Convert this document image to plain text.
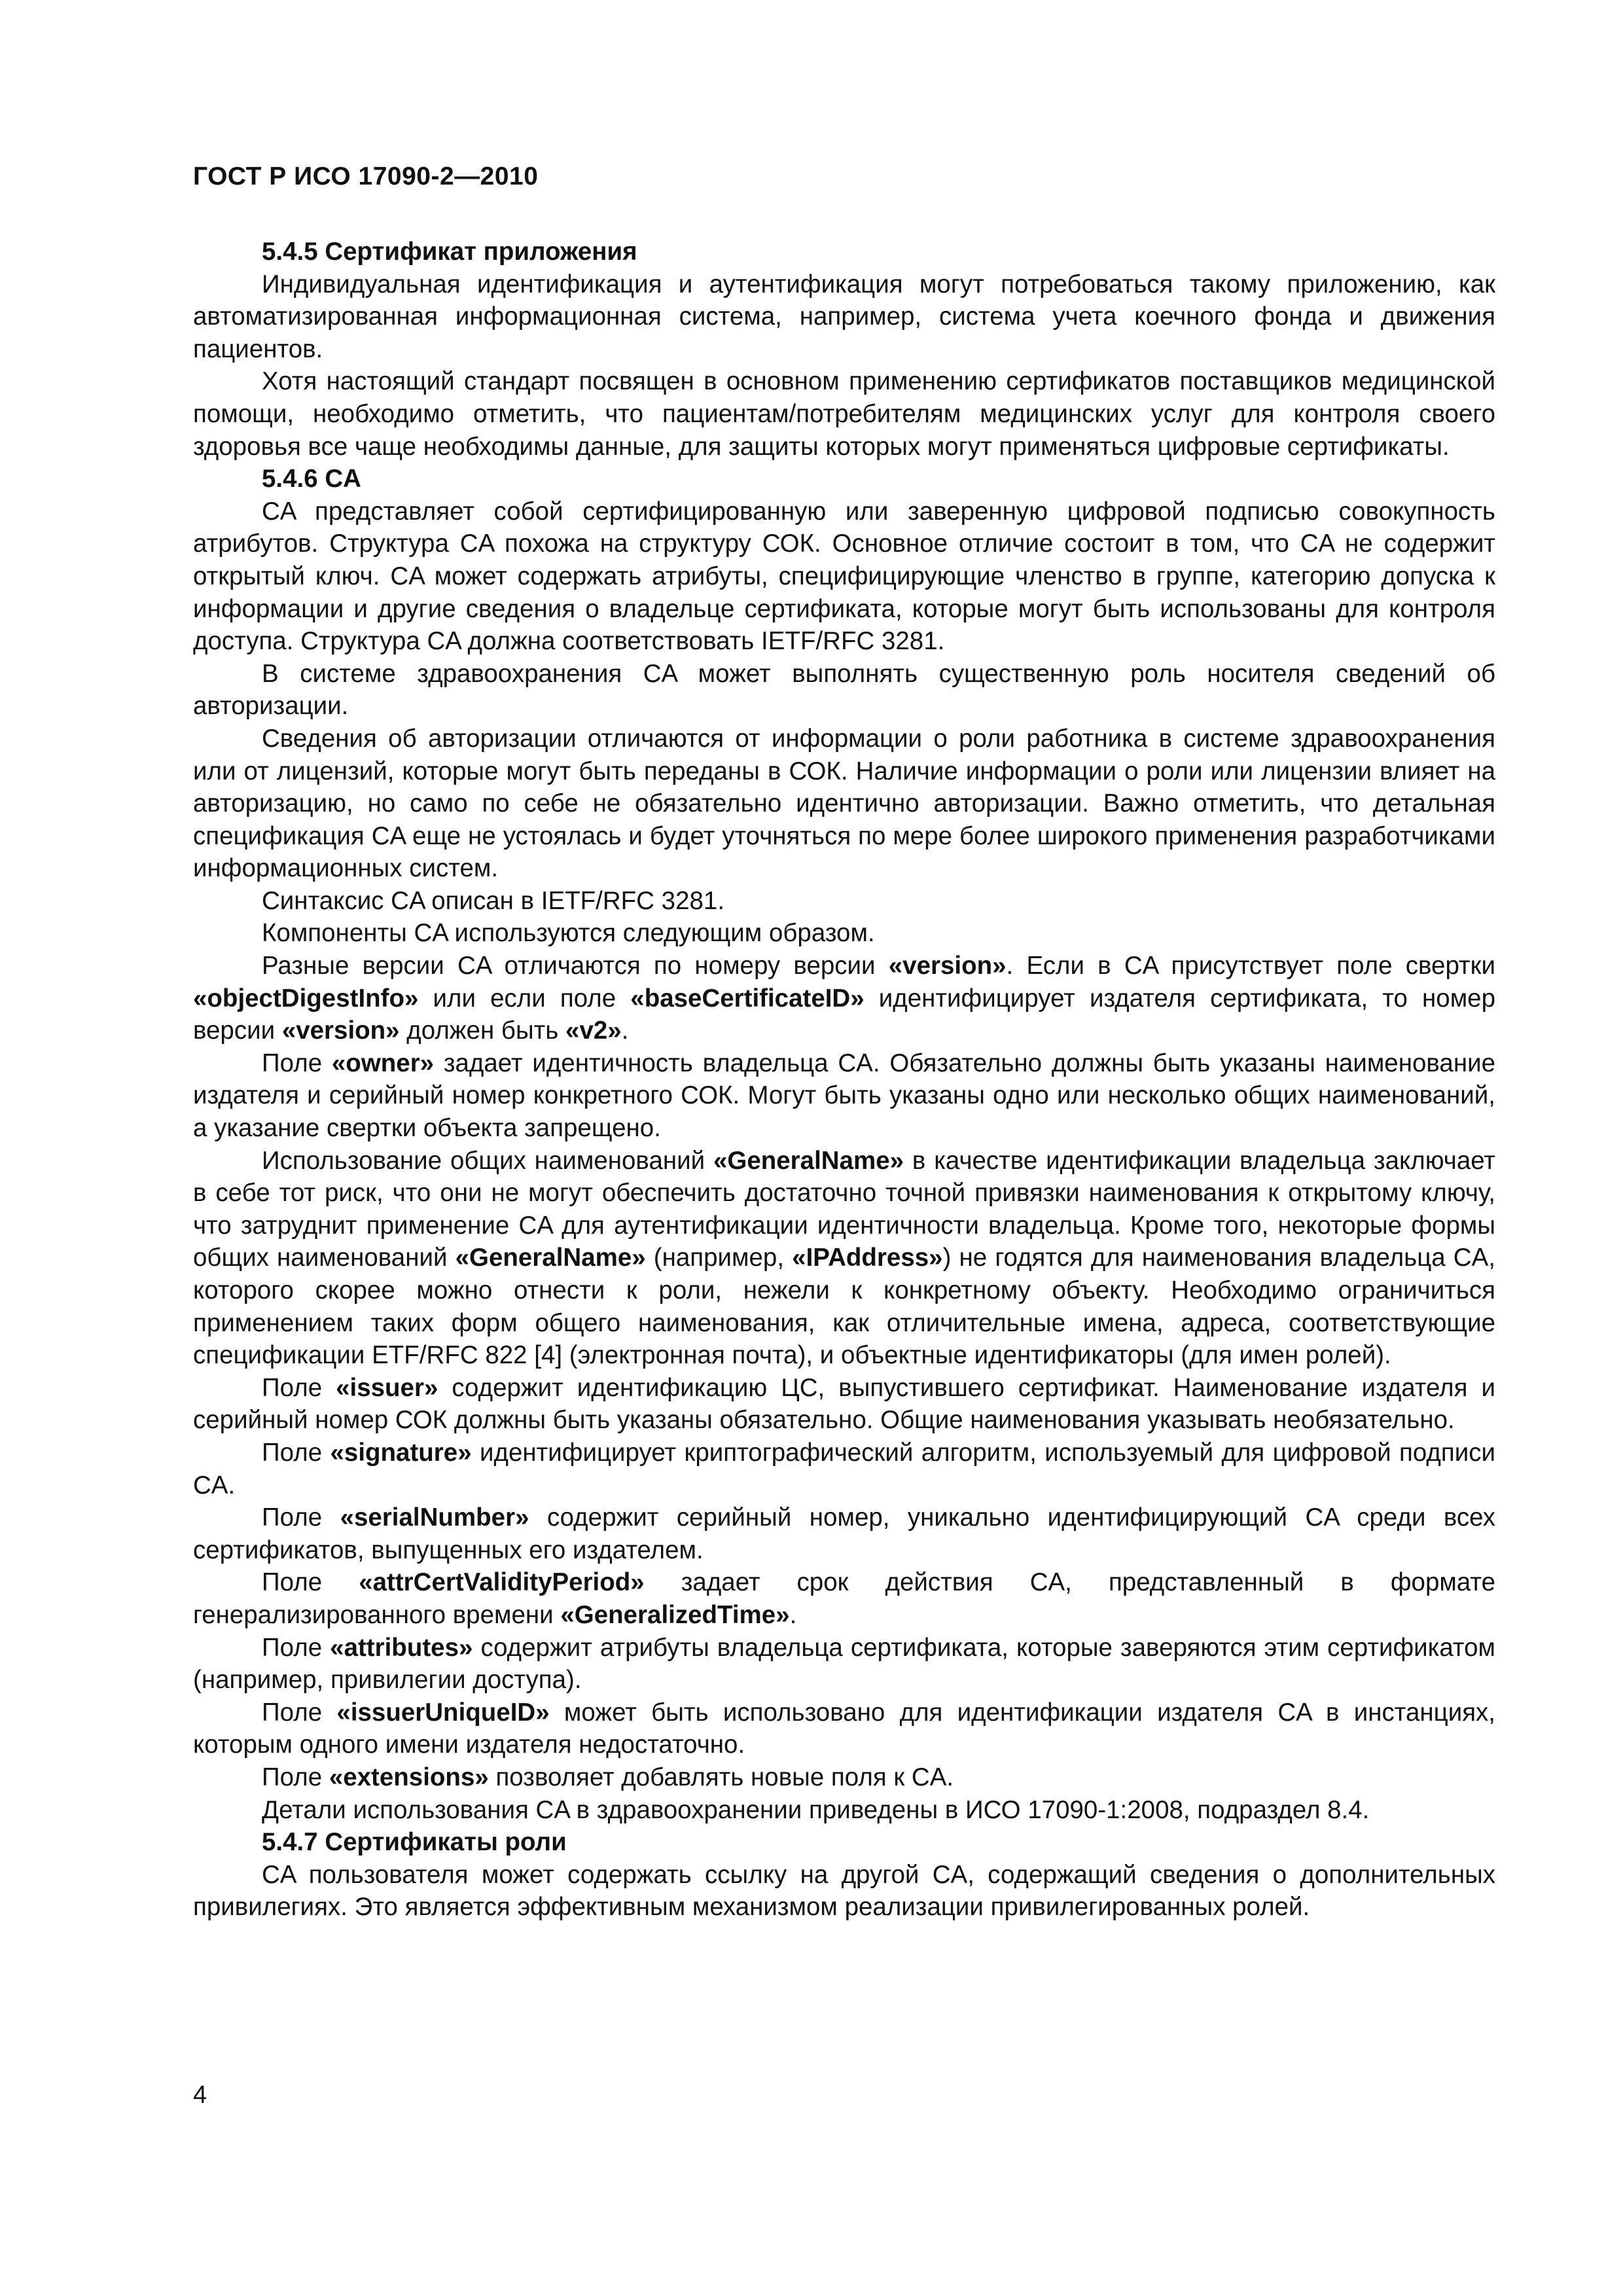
ГОСТ Р ИСО 17090-2—2010
5.4.5 Сертификат приложения

Индивидуальная идентификация и аутентификация могут потребоваться такому приложению, как автоматизированная информационная система, например, система учета коечного фонда и движения пациентов.

Хотя настоящий стандарт посвящен в основном применению сертификатов поставщиков медицинской помощи, необходимо отметить, что пациентам/потребителям медицинских услуг для контроля своего здоровья все чаще необходимы данные, для защиты которых могут применяться цифровые сертификаты.

5.4.6 CA

CA представляет собой сертифицированную или заверенную цифровой подписью совокупность атрибутов. Структура CA похожа на структуру СОК. Основное отличие состоит в том, что CA не содержит открытый ключ. CA может содержать атрибуты, специфицирующие членство в группе, категорию допуска к информации и другие сведения о владельце сертификата, которые могут быть использованы для контроля доступа. Структура CA должна соответствовать IETF/RFC 3281.

В системе здравоохранения CA может выполнять существенную роль носителя сведений об авторизации.

Сведения об авторизации отличаются от информации о роли работника в системе здравоохранения или от лицензий, которые могут быть переданы в СОК. Наличие информации о роли или лицензии влияет на авторизацию, но само по себе не обязательно идентично авторизации. Важно отметить, что детальная спецификация CA еще не устоялась и будет уточняться по мере более широкого применения разработчиками информационных систем.

Синтаксис CA описан в IETF/RFC 3281.

Компоненты CA используются следующим образом.

Разные версии CA отличаются по номеру версии «version». Если в CA присутствует поле свертки «objectDigestInfo» или если поле «baseCertificateID» идентифицирует издателя сертификата, то номер версии «version» должен быть «v2».

Поле «owner» задает идентичность владельца CA. Обязательно должны быть указаны наименование издателя и серийный номер конкретного СОК. Могут быть указаны одно или несколько общих наименований, а указание свертки объекта запрещено.

Использование общих наименований «GeneralName» в качестве идентификации владельца заключает в себе тот риск, что они не могут обеспечить достаточно точной привязки наименования к открытому ключу, что затруднит применение CA для аутентификации идентичности владельца. Кроме того, некоторые формы общих наименований «GeneralName» (например, «IPAddress») не годятся для наименования владельца CA, которого скорее можно отнести к роли, нежели к конкретному объекту. Необходимо ограничиться применением таких форм общего наименования, как отличительные имена, адреса, соответствующие спецификации ETF/RFC 822 [4] (электронная почта), и объектные идентификаторы (для имен ролей).

Поле «issuer» содержит идентификацию ЦС, выпустившего сертификат. Наименование издателя и серийный номер СОК должны быть указаны обязательно. Общие наименования указывать необязательно.

Поле «signature» идентифицирует криптографический алгоритм, используемый для цифровой подписи CA.

Поле «serialNumber» содержит серийный номер, уникально идентифицирующий CA среди всех сертификатов, выпущенных его издателем.

Поле «attrCertValidityPeriod» задает срок действия CA, представленный в формате генерализированного времени «GeneralizedTime».

Поле «attributes» содержит атрибуты владельца сертификата, которые заверяются этим сертификатом (например, привилегии доступа).

Поле «issuerUniqueID» может быть использовано для идентификации издателя CA в инстанциях, которым одного имени издателя недостаточно.

Поле «extensions» позволяет добавлять новые поля к CA.

Детали использования CA в здравоохранении приведены в ИСО 17090-1:2008, подраздел 8.4.

5.4.7 Сертификаты роли

CA пользователя может содержать ссылку на другой CA, содержащий сведения о дополнительных привилегиях. Это является эффективным механизмом реализации привилегированных ролей.

4
